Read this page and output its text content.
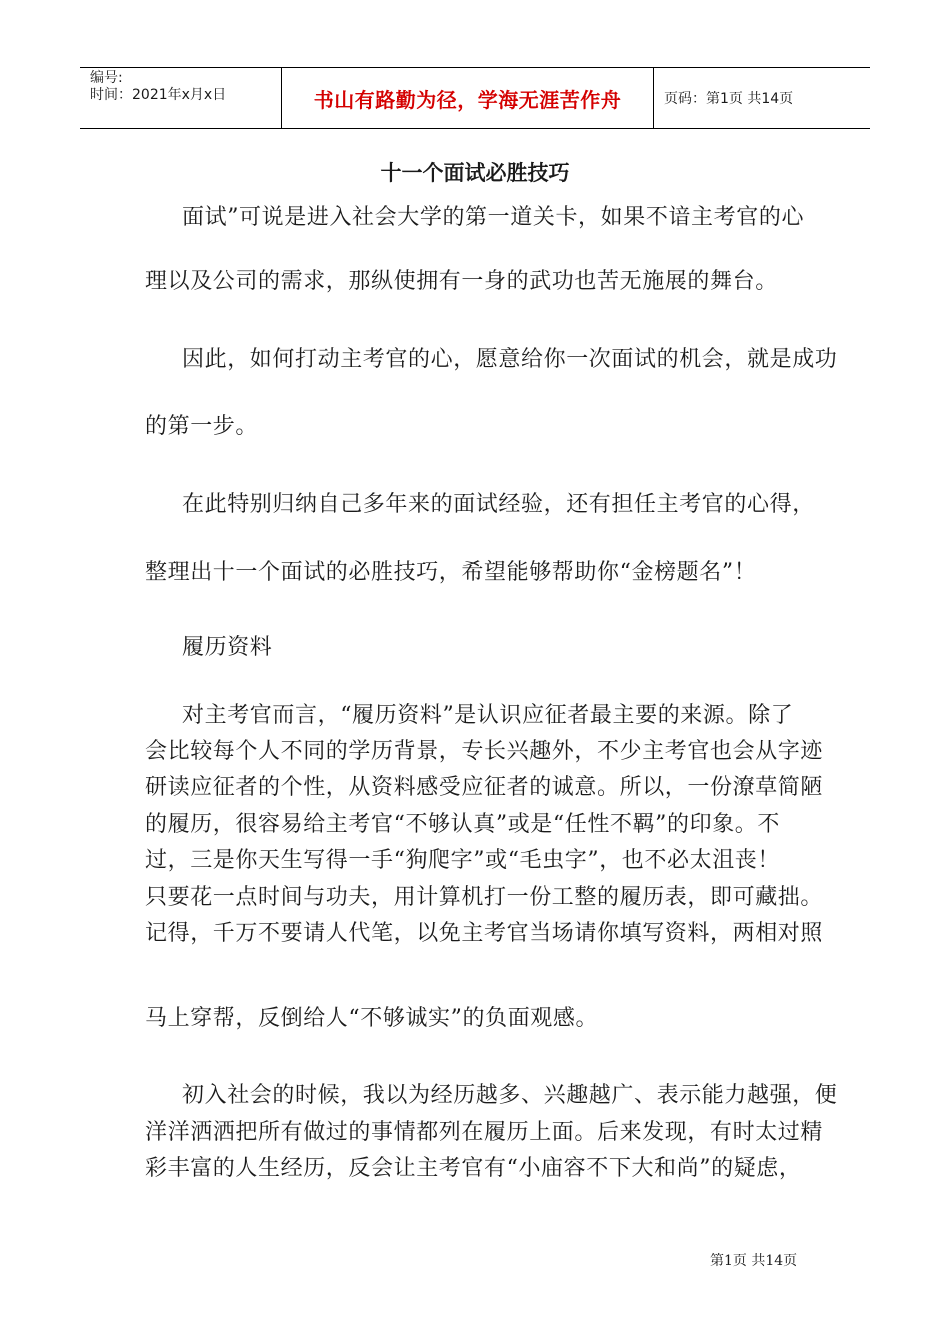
编号:
时间：2021年x月x日	书山有路勤为径，学海无涯苦作舟	页码：第1页 共14页
十一个面试必胜技巧

面试”可说是进入社会大学的第一道关卡，如果不谙主考官的心

理以及公司的需求，那纵使拥有一身的武功也苦无施展的舞台。

因此，如何打动主考官的心，愿意给你一次面试的机会，就是成功

的第一步。

在此特别归纳自己多年来的面试经验，还有担任主考官的心得，

整理出十一个面试的必胜技巧，希望能够帮助你“金榜题名”！

履历资料

对主考官而言，“履历资料”是认识应征者最主要的来源。除了

会比较每个人不同的学历背景，专长兴趣外，不少主考官也会从字迹

研读应征者的个性，从资料感受应征者的诚意。所以，一份潦草简陋

的履历，很容易给主考官“不够认真”或是“任性不羁”的印象。不

过，三是你天生写得一手“狗爬字”或“毛虫字”，也不必太沮丧！

只要花一点时间与功夫，用计算机打一份工整的履历表，即可藏拙。

记得，千万不要请人代笔，以免主考官当场请你填写资料，两相对照

马上穿帮，反倒给人“不够诚实”的负面观感。

初入社会的时候，我以为经历越多、兴趣越广、表示能力越强，便

洋洋洒洒把所有做过的事情都列在履历上面。后来发现，有时太过精

彩丰富的人生经历，反会让主考官有“小庙容不下大和尚”的疑虑，

第1页 共14页
